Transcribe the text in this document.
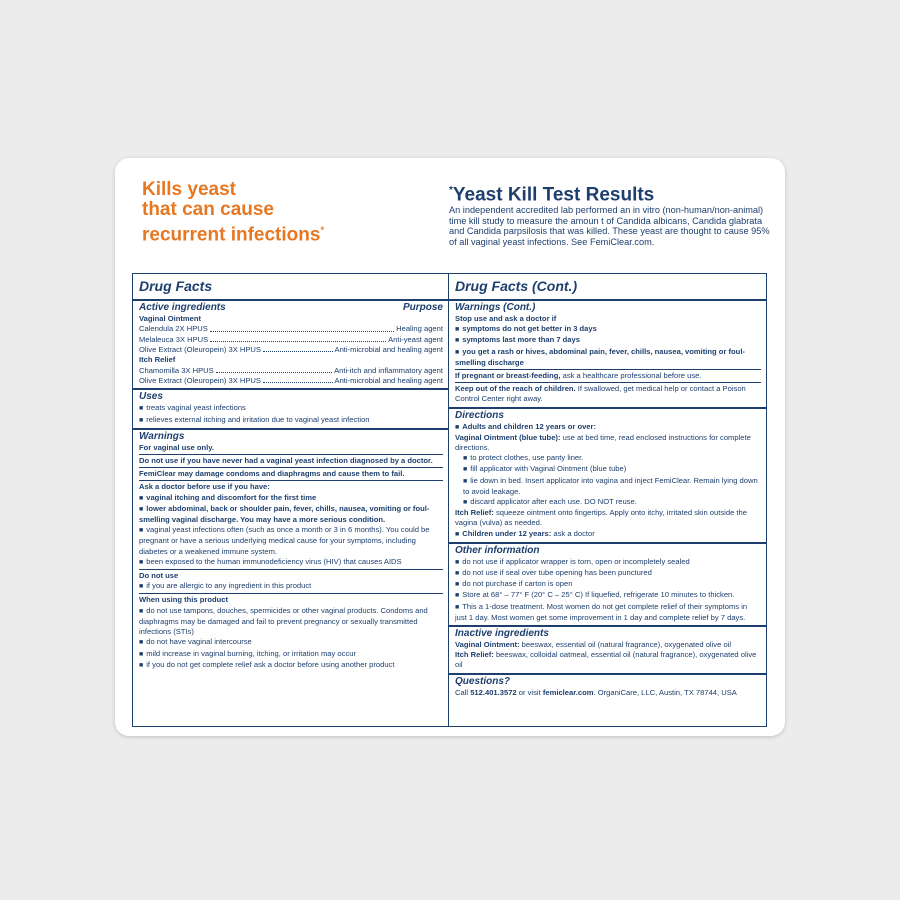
Kills yeast
that can cause
recurrent infections*
*Yeast Kill Test Results
An independent accredited lab performed an in vitro (non-human/non-animal) time kill study to measure the amoun t of Candida albicans, Candida glabrata and Candida parpsilosis that was killed. These yeast are thought to cause 95% of all vaginal yeast infections. See FemiClear.com.
Drug Facts
Active ingredients	Purpose
Vaginal Ointment
Calendula 2X HPUS	Healing agent
Melaleuca 3X HPUS	Anti-yeast agent
Olive Extract (Oleuropein) 3X HPUS	Anti-microbial and healing agent
Itch Relief
Chamomilla 3X HPUS	Anti-itch and inflammatory agent
Olive Extract (Oleuropein) 3X HPUS	Anti-microbial and healing agent
Uses
■ treats vaginal yeast infections
■ relieves external itching and irritation due to vaginal yeast infection
Warnings
For vaginal use only.
Do not use if you have never had a vaginal yeast infection diagnosed by a doctor.
FemiClear may damage condoms and diaphragms and cause them to fail.
Ask a doctor before use if you have:
■ vaginal itching and discomfort for the first time
■ lower abdominal, back or shoulder pain, fever, chills, nausea, vomiting or foul-smelling vaginal discharge. You may have a more serious condition.
■ vaginal yeast infections often (such as once a month or 3 in 6 months). You could be pregnant or have a serious underlying medical cause for your symptoms, including diabetes or a weakened immune system.
■ been exposed to the human immunodeficiency virus (HIV) that causes AIDS
Do not use
■ if you are allergic to any ingredient in this product
When using this product
■ do not use tampons, douches, spermicides or other vaginal products. Condoms and diaphragms may be damaged and fail to prevent pregnancy or sexually transmitted infections (STIs)
■ do not have vaginal intercourse
■ mild increase in vaginal burning, itching, or irritation may occur
■ if you do not get complete relief ask a doctor before using another product
Drug Facts (Cont.)
Warnings (Cont.)
Stop use and ask a doctor if
■ symptoms do not get better in 3 days
■ symptoms last more than 7 days
■ you get a rash or hives, abdominal pain, fever, chills, nausea, vomiting or foul-smelling discharge
If pregnant or breast-feeding, ask a healthcare professional before use.
Keep out of the reach of children. If swallowed, get medical help or contact a Poison Control Center right away.
Directions
■ Adults and children 12 years or over:
Vaginal Ointment (blue tube): use at bed time, read enclosed instructions for complete directions.
■ to protect clothes, use panty liner.
■ fill applicator with Vaginal Ointment (blue tube)
■ lie down in bed. Insert applicator into vagina and inject FemiClear. Remain lying down to avoid leakage.
■ discard applicator after each use. DO NOT reuse.
Itch Relief: squeeze ointment onto fingertips. Apply onto itchy, irritated skin outside the vagina (vulva) as needed.
■ Children under 12 years: ask a doctor
Other information
■ do not use if applicator wrapper is torn, open or incompletely sealed
■ do not use if seal over tube opening has been punctured
■ do not purchase if carton is open
■ Store at 68° – 77° F (20° C – 25° C) If liquefied, refrigerate 10 minutes to thicken.
■ This a 1-dose treatment. Most women do not get complete relief of their symptoms in just 1 day. Most women get some improvement in 1 day and complete relief by 7 days.
Inactive ingredients
Vaginal Ointment: beeswax, essential oil (natural fragrance), oxygenated olive oil
Itch Relief: beeswax, colloidal oatmeal, essential oil (natural fragrance), oxygenated olive oil
Questions?
Call 512.401.3572 or visit femiclear.com. OrganiCare, LLC, Austin, TX 78744, USA
